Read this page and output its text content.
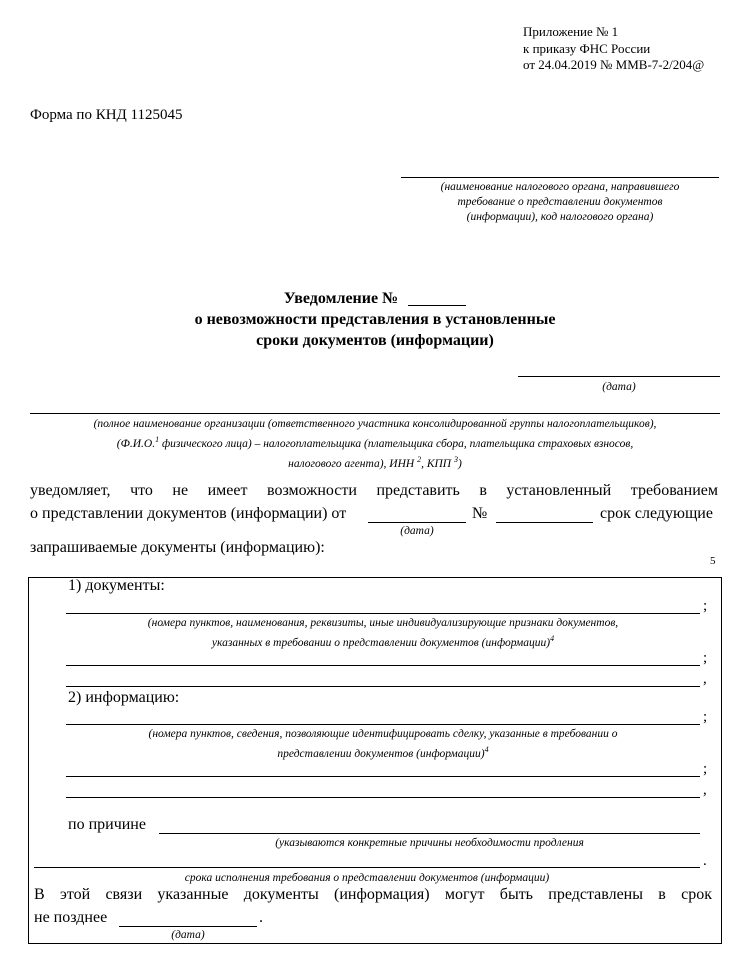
Приложение № 1
к приказу ФНС России
от 24.04.2019 № ММВ-7-2/204@
Форма по КНД 1125045
(наименование налогового органа, направившего
требование о представлении документов
(информации), код налогового органа)
Уведомление №
о невозможности представления в установленные
сроки документов (информации)
(дата)
(полное наименование организации (ответственного участника консолидированной группы налогоплательщиков),
(Ф.И.О.$^1$ физического лица) – налогоплательщика (плательщика сбора, плательщика страховых взносов,
налогового агента), ИНН $^2$, КПП $^3$)
уведомляет, что не имеет возможности представить в установленный требованием
о представлении документов (информации) от
(дата)
№	срок следующие
запрашиваемые документы (информацию):
5
1) документы:
;
(номера пунктов, наименования, реквизиты, иные индивидуализирующие признаки документов,
указанных в требовании о представлении документов (информации)$^4$
;
,
2) информацию:
;
(номера пунктов, сведения, позволяющие идентифицировать сделку, указанные в требовании о
представлении документов (информации)$^4$
;
,
по причине
(указываются конкретные причины необходимости продления
.
срока исполнения требования о представлении документов (информации)
В этой связи указанные документы (информация) могут быть представлены в срок
не позднее	.
(дата)
